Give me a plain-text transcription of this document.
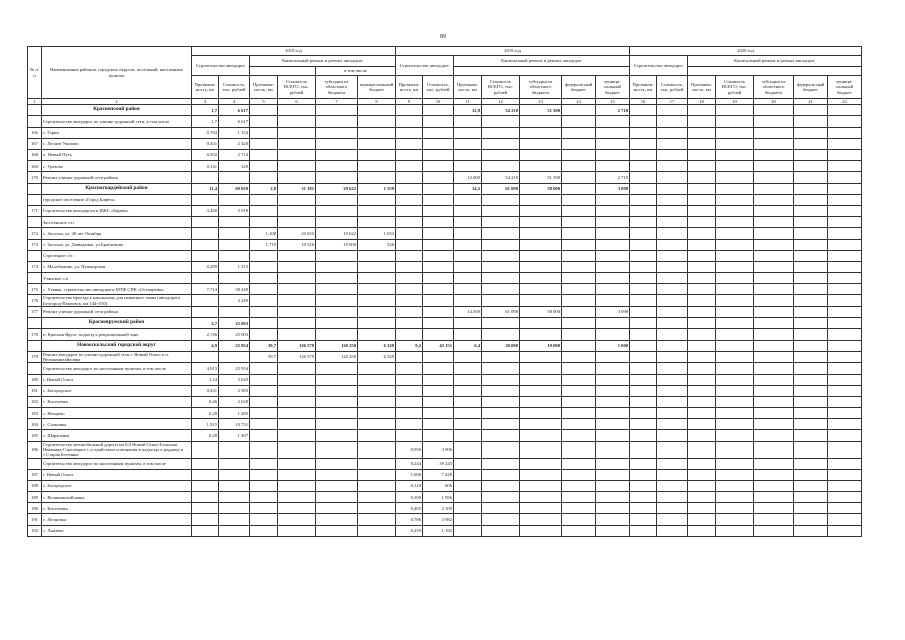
89
№ п/п	Наименование районов, городских округов, поселений, населенных пунктов	2018 год						2019 год							2020 год						
		Строительство автодорог		Капитальный ремонт и ремонт автодорог				Строительство автодорог		Капитальный ремонт и ремонт автодорог					Строительство автодорог		Капитальный ремонт и ремонт автодорог				
						в том числе															
		Протяжен-ность, км	Стоимость, тыс. рублей	Протяжен-ность, км	Стоимость ВСЕГО, тыс. рублей	субсидии из областного бюджета	муници-пальный бюджет	Протяжен-ность, км	Стоимость, тыс. рублей	Протяжен-ность, км	Стоимость ВСЕГО, тыс. рублей	субсидии из областного бюджета	федераль-ный бюджет	муници-пальный бюджет	Протяжен-ность, км	Стоимость, тыс. рублей	Протяжен-ность, км	Стоимость ВСЕГО, тыс. рублей	субсидии из областного бюджета	федераль-ный бюджет	муници-пальный бюджет
1	2	3	4	5	6	7	8	9	10	11	12	13	14	15	16	17	18	19	20	21	22
	Красненский район	1,7	6 617							12,0	54 210	51 500		2 710							
	Строительство автодорог по улично-дорожной сети, в том числе	1,7	6 617																		
166	с. Горки	0,704	1 154																		
167	с. Лесное Уколово	0,451	2 420																		
168	х. Новый Путь	0,502	2 714																		
169	с. Уразово	0,141	329																		
170	Ремонт улично-дорожной сети района									12,000	54 210	51 500		2 710							
	Красногвардейский район	11,4	69 029	2,8	31 181	29 622	1 559			14,5	61 098	58 000		3 098							
	городское поселение «Город Бирюч»																				
171	Строительство автодороги в ИЖС «Бирюч»	3,440	5 018																		
	Засосенское с/п																				
172	с. Засосна, ул. 40 лет Октября			1,108	20 655	19 622	1 033														
173	с. Засосна, ул. Давыденко, ул.Братчикова			1,719	10 526	10 000	526														
	Стрелецкое с/п																				
174	с. Малобыково, ул. Пушкарская	0,289	1 313																		
	Утянское с/п																				
175	с. Утянка, строительство автодороги МТФ СПК «Остащенко»	7,714	58 449																		
176	Строительство проезда к школьному для памятного знака (автодорога Белгород-Павловск, км 144+550)		4 249																		
177	Ремонт улично-дорожной сети района									14,500	61 098	58 000		3 098							
	Краснояружский район	2,7	25 003																		
178	п. Красная Яруга, подъезд к рекреационной зоне	2,746	25 003																		
	Новооскольский городской округ	4,9	25 954	39,7	126 579	120 250	6 329	9,2	43 151	6,4	20 000	19 000		1 000							
179	Ремонт автодорог по улично-дорожной сети г. Новый Оскол и п. Великомихайловка			39,7	126 579	120 250	6 329														
	Строительство автодорог по населенным пунктам, в том числе	4,913	25 954																		
180	г. Новый Оскол	1,14	5 620																		
181	с. Богородское	0,431	2 983																		
182	с. Киселевка	0,46	2 628																		
183	с. Немцево	0,28	1 485																		
184	с. Слоновка	1,915	10 731																		
185	с. Шараповка	0,28	1 497																		
186	Строительство автомобильной дороги км 0,0 Новый Оскол-Большая Ивановка-Стрелецкое с устройством освещения в подъезда к роднику в с.Старая Безгинка							0,950	3 906												
	Строительство автодорог по населенным пунктам, в том числе							8,244	39 245												
187	г. Новый Оскол							1,696	7 428												
188	с. Богородское							0,120	606												
189	с. Великомихайловка							0,399	1 956												
190	с. Киселевка							0,405	2 109												
191	с. Леоновка							0,786	3 982												
192	с. Ламзево							0,259	1 182												
